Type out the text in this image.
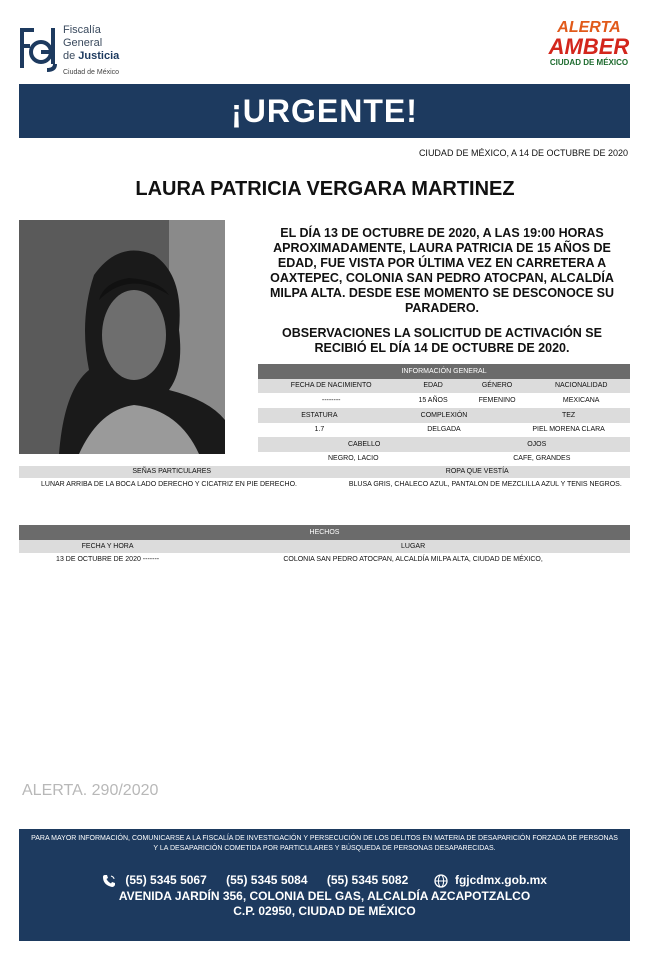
Fiscalía
General
de Justicia
Ciudad de México
ALERTA
AMBER
CIUDAD DE MÉXICO
¡URGENTE!
CIUDAD DE MÉXICO, A 14 DE OCTUBRE DE 2020
LAURA PATRICIA VERGARA MARTINEZ
EL DÍA 13 DE OCTUBRE DE 2020, A LAS 19:00 HORAS APROXIMADAMENTE, LAURA PATRICIA DE 15 AÑOS DE EDAD, FUE VISTA POR ÚLTIMA VEZ EN CARRETERA A OAXTEPEC, COLONIA SAN PEDRO ATOCPAN, ALCALDÍA MILPA ALTA. DESDE ESE MOMENTO SE DESCONOCE SU PARADERO.
OBSERVACIONES LA SOLICITUD DE ACTIVACIÓN SE RECIBIÓ EL DÍA 14 DE OCTUBRE DE 2020.
INFORMACIÓN GENERAL			
FECHA DE NACIMIENTO	EDAD	GÉNERO	NACIONALIDAD
--------	15 AÑOS	FEMENINO	MEXICANA
ESTATURA	COMPLEXIÓN	TEZ
1.7	DELGADA	PIEL MORENA CLARA
CABELLO		OJOS
NEGRO, LACIO		CAFE, GRANDES
SEÑAS PARTICULARES	ROPA QUE VESTÍA
LUNAR ARRIBA DE LA BOCA LADO DERECHO Y CICATRIZ EN PIE DERECHO.	BLUSA GRIS, CHALECO AZUL, PANTALON DE MEZCLILLA AZUL Y TENIS NEGROS.
HECHOS
FECHA Y HORA	LUGAR
13 DE OCTUBRE DE 2020 -------	COLONIA SAN PEDRO ATOCPAN, ALCALDÍA MILPA ALTA, CIUDAD DE MÉXICO,
ALERTA. 290/2020
PARA MAYOR INFORMACIÓN, COMUNICARSE A LA FISCALÍA DE INVESTIGACIÓN Y PERSECUCIÓN DE LOS DELITOS EN MATERIA DE DESAPARICIÓN FORZADA DE PERSONAS Y LA DESAPARICIÓN COMETIDA POR PARTICULARES Y BÚSQUEDA DE PERSONAS DESAPARECIDAS.
(55) 5345 5067 (55) 5345 5084 (55) 5345 5082	fgjcdmx.gob.mx
AVENIDA JARDÍN 356, COLONIA DEL GAS, ALCALDÍA AZCAPOTZALCO
C.P. 02950, CIUDAD DE MÉXICO
